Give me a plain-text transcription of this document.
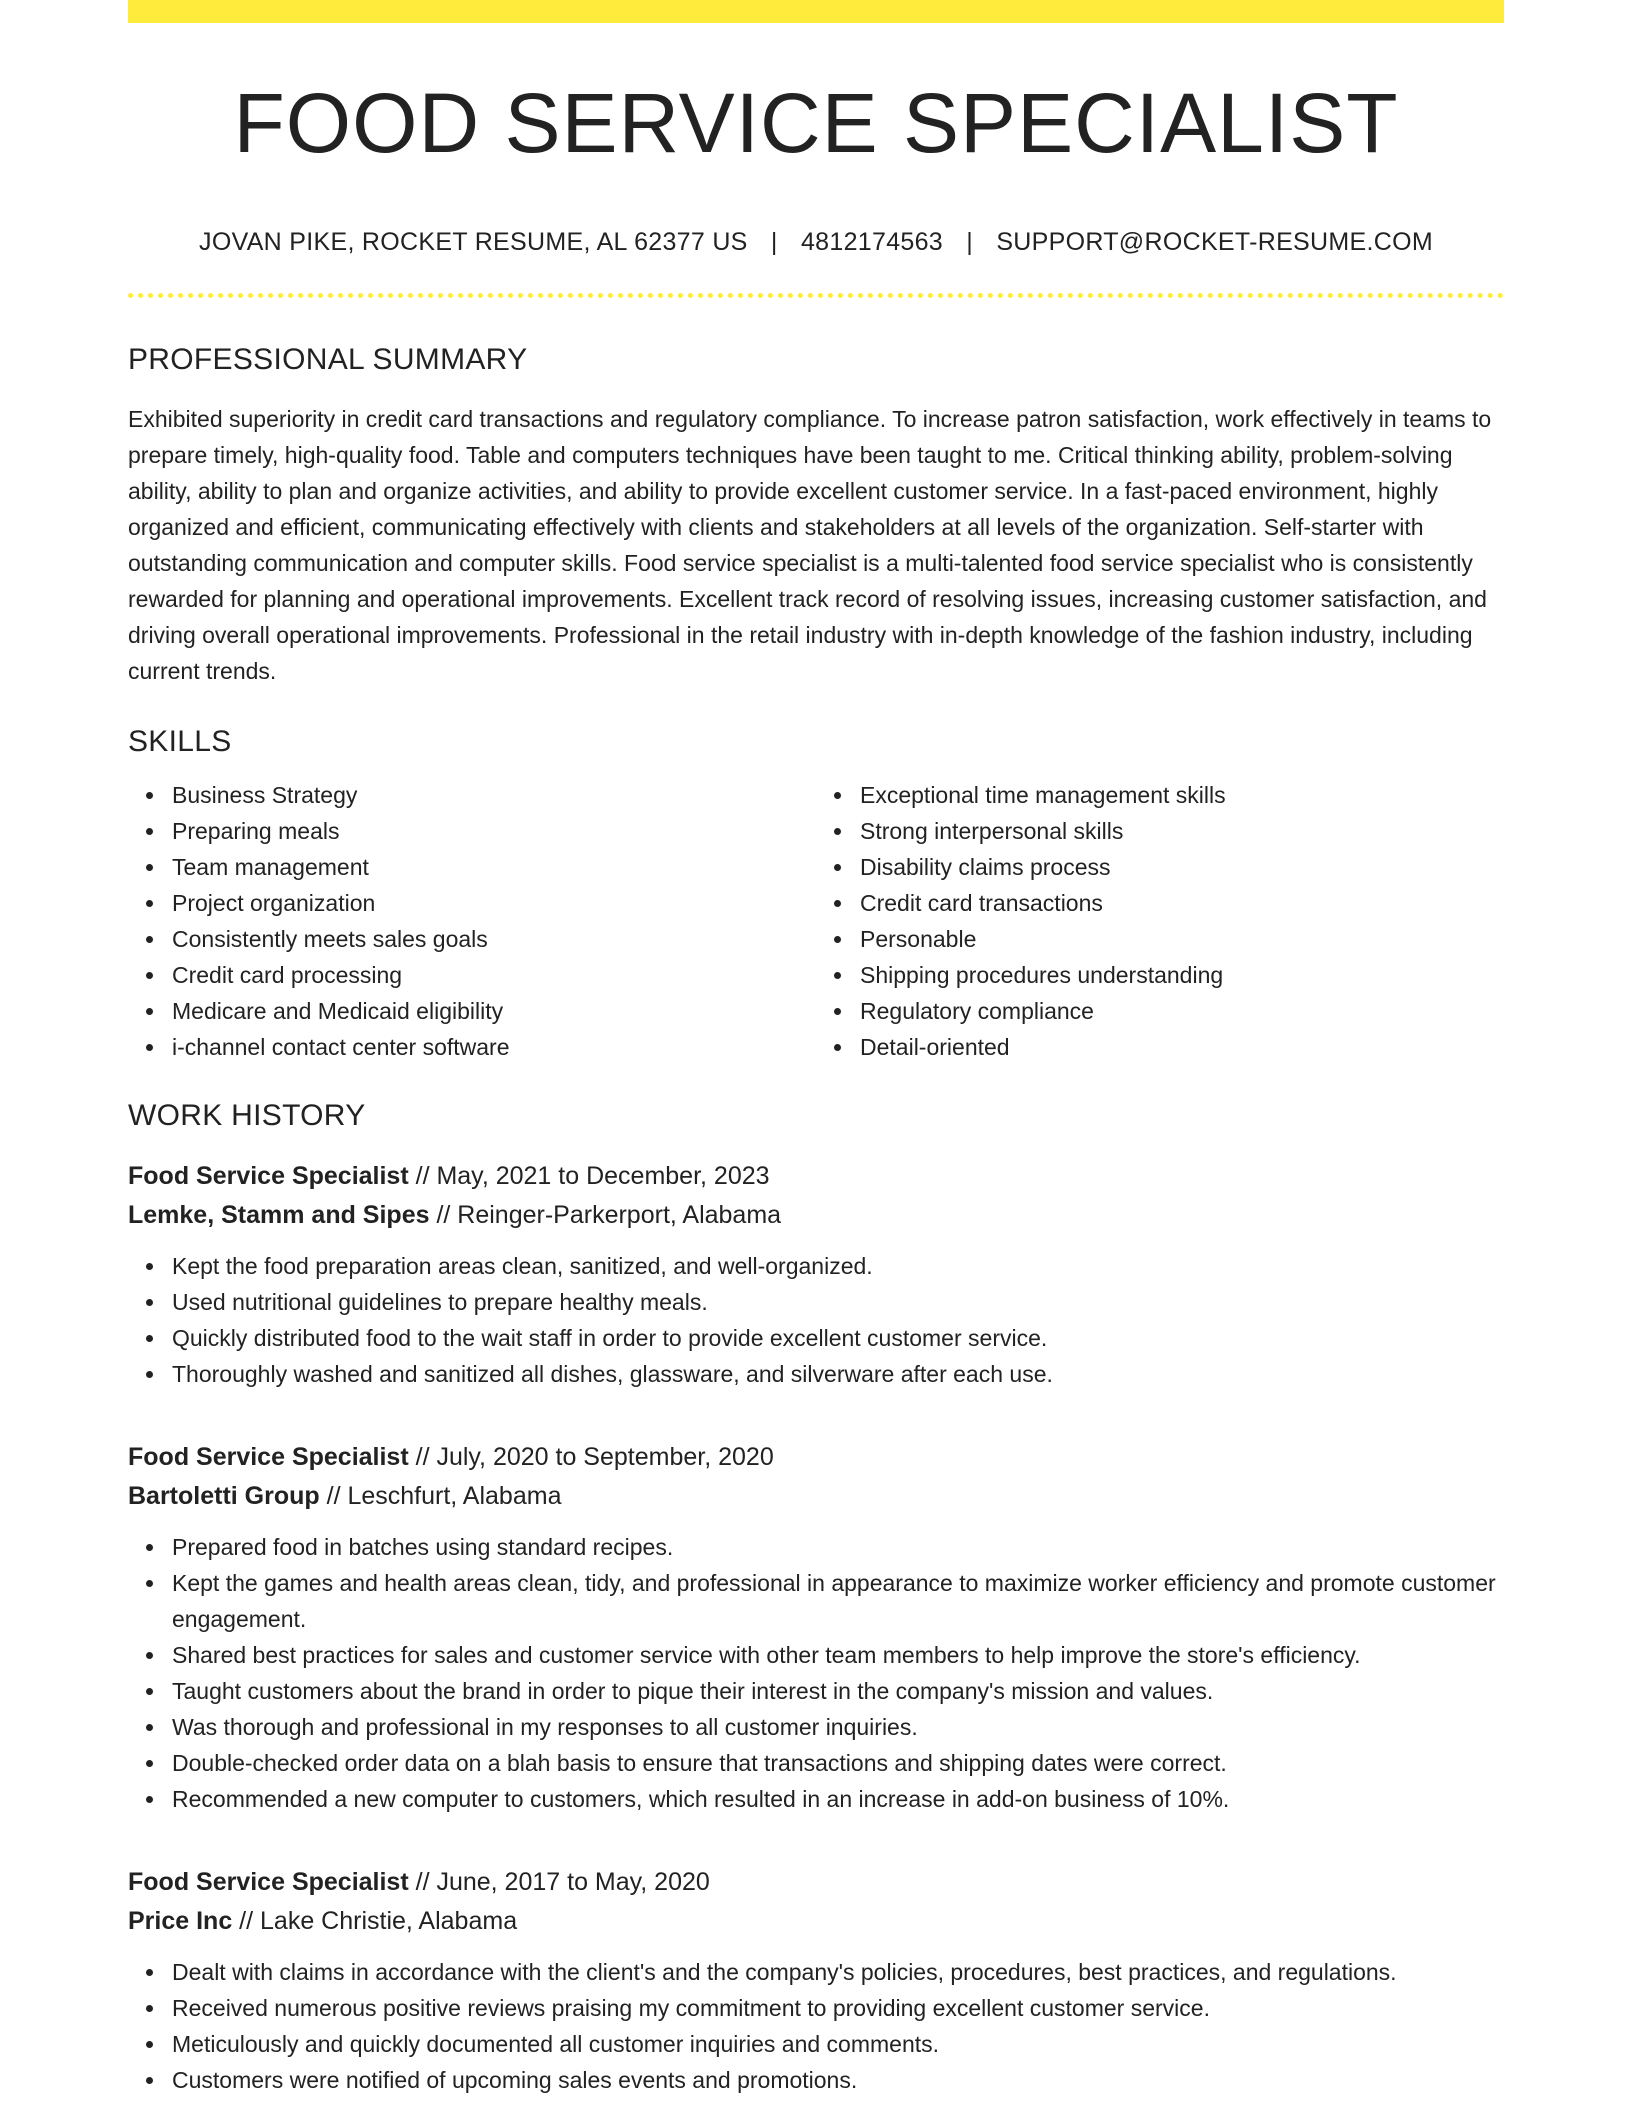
FOOD SERVICE SPECIALIST
JOVAN PIKE, ROCKET RESUME, AL 62377 US | 4812174563 | SUPPORT@ROCKET-RESUME.COM
PROFESSIONAL SUMMARY

Exhibited superiority in credit card transactions and regulatory compliance. To increase patron satisfaction, work effectively in teams to prepare timely, high-quality food. Table and computers techniques have been taught to me. Critical thinking ability, problem-solving ability, ability to plan and organize activities, and ability to provide excellent customer service. In a fast-paced environment, highly organized and efficient, communicating effectively with clients and stakeholders at all levels of the organization. Self-starter with outstanding communication and computer skills. Food service specialist is a multi-talented food service specialist who is consistently rewarded for planning and operational improvements. Excellent track record of resolving issues, increasing customer satisfaction, and driving overall operational improvements. Professional in the retail industry with in-depth knowledge of the fashion industry, including current trends.

SKILLS
Business Strategy
Preparing meals
Team management
Project organization
Consistently meets sales goals
Credit card processing
Medicare and Medicaid eligibility
i-channel contact center software
Exceptional time management skills
Strong interpersonal skills
Disability claims process
Credit card transactions
Personable
Shipping procedures understanding
Regulatory compliance
Detail-oriented
WORK HISTORY
Food Service Specialist // May, 2021 to December, 2023
Lemke, Stamm and Sipes // Reinger-Parkerport, Alabama
Kept the food preparation areas clean, sanitized, and well-organized.
Used nutritional guidelines to prepare healthy meals.
Quickly distributed food to the wait staff in order to provide excellent customer service.
Thoroughly washed and sanitized all dishes, glassware, and silverware after each use.
Food Service Specialist // July, 2020 to September, 2020
Bartoletti Group // Leschfurt, Alabama
Prepared food in batches using standard recipes.
Kept the games and health areas clean, tidy, and professional in appearance to maximize worker efficiency and promote customer engagement.
Shared best practices for sales and customer service with other team members to help improve the store's efficiency.
Taught customers about the brand in order to pique their interest in the company's mission and values.
Was thorough and professional in my responses to all customer inquiries.
Double-checked order data on a blah basis to ensure that transactions and shipping dates were correct.
Recommended a new computer to customers, which resulted in an increase in add-on business of 10%.
Food Service Specialist // June, 2017 to May, 2020
Price Inc // Lake Christie, Alabama
Dealt with claims in accordance with the client's and the company's policies, procedures, best practices, and regulations.
Received numerous positive reviews praising my commitment to providing excellent customer service.
Meticulously and quickly documented all customer inquiries and comments.
Customers were notified of upcoming sales events and promotions.
